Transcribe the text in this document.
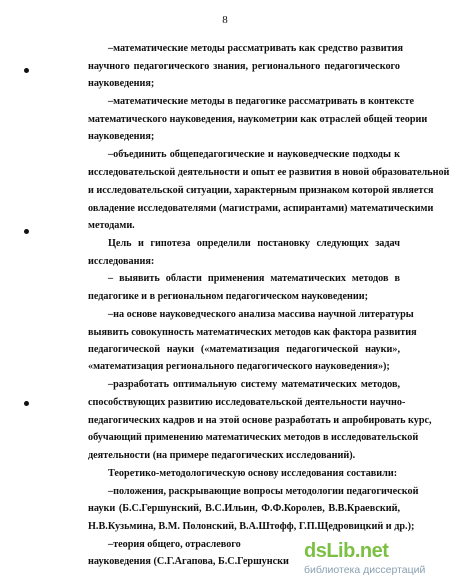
8
–математические методы рассматривать как средство развития
научного педагогического знания, регионального педагогического
науковедения;
–математические методы в педагогике рассматривать в контексте
математического науковедения, наукометрии как отраслей общей теории
науковедения;
–объединить общепедагогические и науковедческие подходы к
исследовательской деятельности и опыт ее развития в новой образовательной
и исследовательской ситуации, характерным признаком которой является
овладение исследователями (магистрами, аспирантами) математическими
методами.
Цель и гипотеза определили постановку следующих задач
исследования:
– выявить области применения математических методов в
педагогике и в региональном педагогическом науковедении;
–на основе науковедческого анализа массива научной литературы
выявить совокупность математических методов как фактора развития
педагогической науки («математизация педагогической науки»,
«математизация регионального педагогического науковедения»);
–разработать оптимальную систему математических методов,
способствующих развитию исследовательской деятельности научно-
педагогических кадров и на этой основе разработать и апробировать курс,
обучающий применению математических методов в исследовательской
деятельности (на примере педагогических исследований).
Теоретико-методологическую основу исследования составили:
–положения, раскрывающие вопросы методологии педагогической
науки (Б.С.Гершунский, В.С.Ильин, Ф.Ф.Королев, В.В.Краевский,
Н.В.Кузьмина, В.М. Полонский, В.А.Штофф, Г.П.Щедровицкий и др.);
–теория общего, отраслевого
науковедения (С.Г.Агапова, Б.С.Гершунски dsLib.net
библиотека диссертаций
